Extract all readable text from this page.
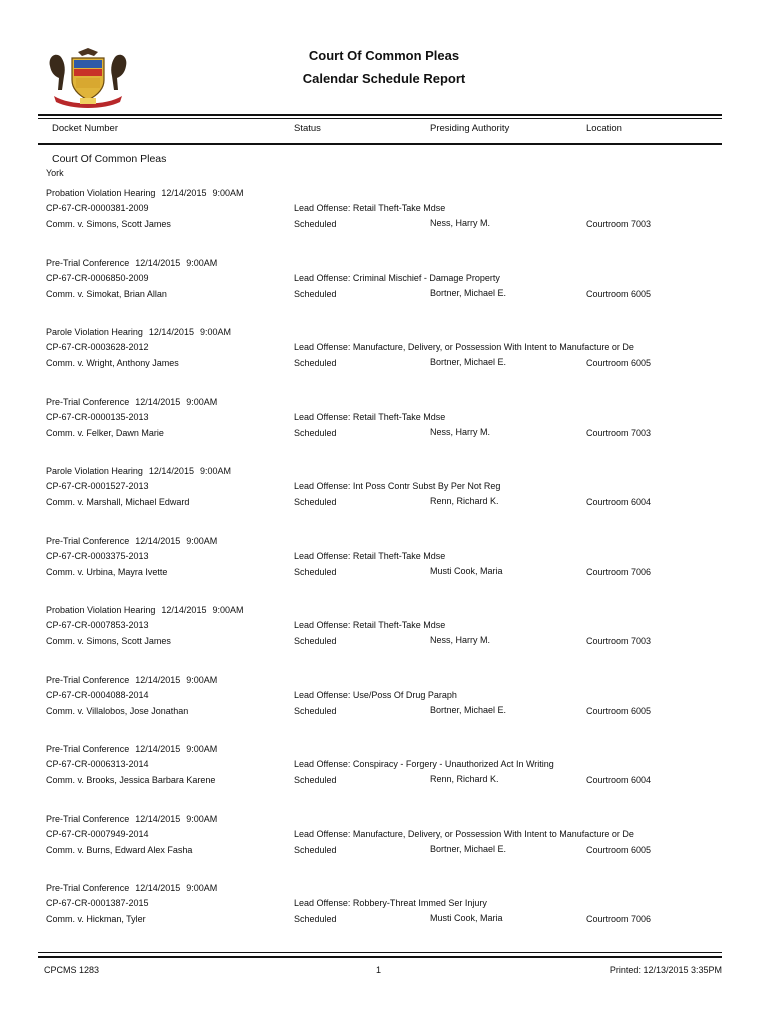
Court Of Common Pleas
Calendar Schedule Report
Docket Number	Status	Presiding Authority	Location
Court Of Common Pleas
York
Probation Violation Hearing 12/14/2015 9:00AM
CP-67-CR-0000381-2009
Comm. v. Simons, Scott James
Lead Offense: Retail Theft-Take Mdse
Scheduled	Ness, Harry M.	Courtroom 7003
Pre-Trial Conference 12/14/2015 9:00AM
CP-67-CR-0006850-2009
Comm. v. Simokat, Brian Allan
Lead Offense: Criminal Mischief - Damage Property
Scheduled	Bortner, Michael E.	Courtroom 6005
Parole Violation Hearing 12/14/2015 9:00AM
CP-67-CR-0003628-2012
Comm. v. Wright, Anthony James
Lead Offense: Manufacture, Delivery, or Possession With Intent to Manufacture or De
Scheduled	Bortner, Michael E.	Courtroom 6005
Pre-Trial Conference 12/14/2015 9:00AM
CP-67-CR-0000135-2013
Comm. v. Felker, Dawn Marie
Lead Offense: Retail Theft-Take Mdse
Scheduled	Ness, Harry M.	Courtroom 7003
Parole Violation Hearing 12/14/2015 9:00AM
CP-67-CR-0001527-2013
Comm. v. Marshall, Michael Edward
Lead Offense: Int Poss Contr Subst By Per Not Reg
Scheduled	Renn, Richard K.	Courtroom 6004
Pre-Trial Conference 12/14/2015 9:00AM
CP-67-CR-0003375-2013
Comm. v. Urbina, Mayra Ivette
Lead Offense: Retail Theft-Take Mdse
Scheduled	Musti Cook, Maria	Courtroom 7006
Probation Violation Hearing 12/14/2015 9:00AM
CP-67-CR-0007853-2013
Comm. v. Simons, Scott James
Lead Offense: Retail Theft-Take Mdse
Scheduled	Ness, Harry M.	Courtroom 7003
Pre-Trial Conference 12/14/2015 9:00AM
CP-67-CR-0004088-2014
Comm. v. Villalobos, Jose Jonathan
Lead Offense: Use/Poss Of Drug Paraph
Scheduled	Bortner, Michael E.	Courtroom 6005
Pre-Trial Conference 12/14/2015 9:00AM
CP-67-CR-0006313-2014
Comm. v. Brooks, Jessica Barbara Karene
Lead Offense: Conspiracy - Forgery - Unauthorized Act In Writing
Scheduled	Renn, Richard K.	Courtroom 6004
Pre-Trial Conference 12/14/2015 9:00AM
CP-67-CR-0007949-2014
Comm. v. Burns, Edward Alex Fasha
Lead Offense: Manufacture, Delivery, or Possession With Intent to Manufacture or De
Scheduled	Bortner, Michael E.	Courtroom 6005
Pre-Trial Conference 12/14/2015 9:00AM
CP-67-CR-0001387-2015
Comm. v. Hickman, Tyler
Lead Offense: Robbery-Threat Immed Ser Injury
Scheduled	Musti Cook, Maria	Courtroom 7006
CPCMS 1283	1	Printed: 12/13/2015 3:35PM
